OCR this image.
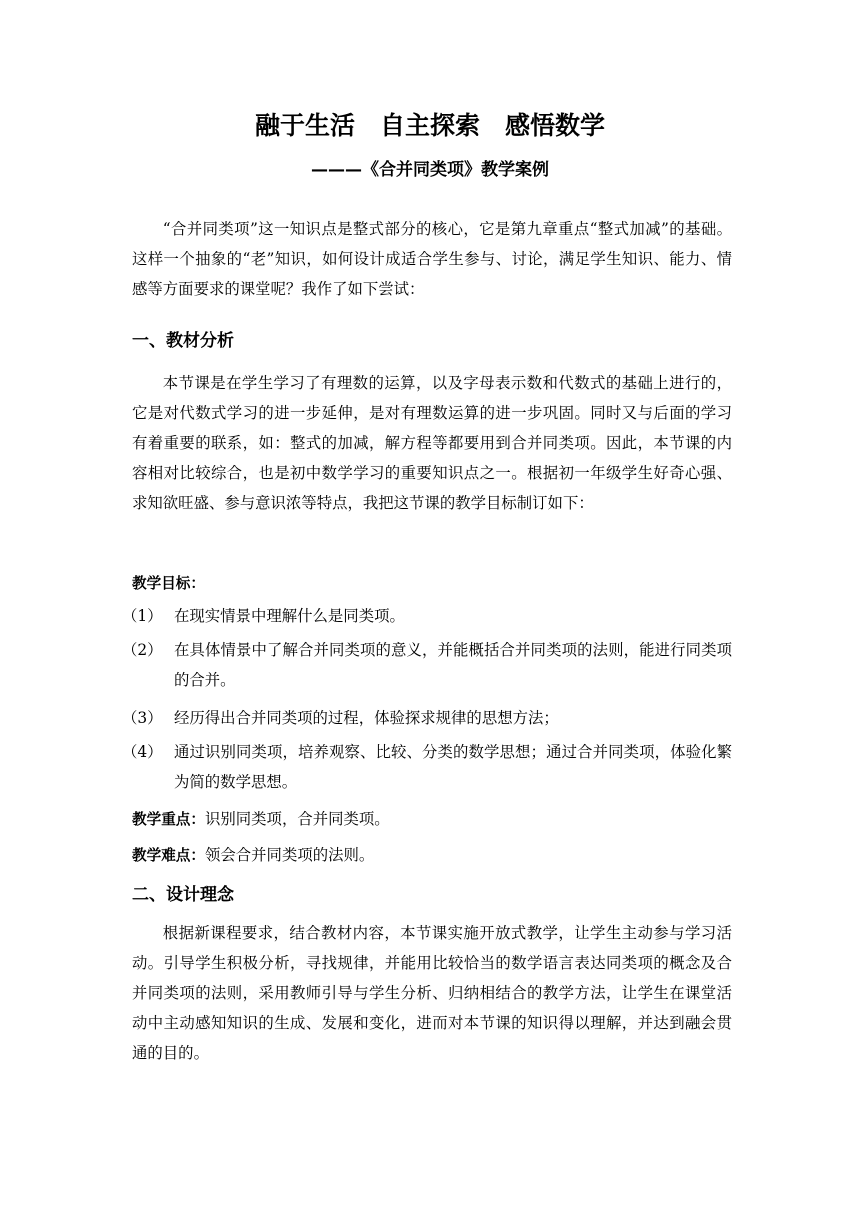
融于生活　自主探索　感悟数学
———《合并同类项》教学案例
“合并同类项”这一知识点是整式部分的核心，它是第九章重点“整式加减”的基础。这样一个抽象的“老”知识，如何设计成适合学生参与、讨论，满足学生知识、能力、情感等方面要求的课堂呢？我作了如下尝试：
一、教材分析
本节课是在学生学习了有理数的运算，以及字母表示数和代数式的基础上进行的，它是对代数式学习的进一步延伸，是对有理数运算的进一步巩固。同时又与后面的学习有着重要的联系，如：整式的加减，解方程等都要用到合并同类项。因此，本节课的内容相对比较综合，也是初中数学学习的重要知识点之一。根据初一年级学生好奇心强、求知欲旺盛、参与意识浓等特点，我把这节课的教学目标制订如下：
教学目标：
（1） 在现实情景中理解什么是同类项。
（2） 在具体情景中了解合并同类项的意义，并能概括合并同类项的法则，能进行同类项的合并。
（3） 经历得出合并同类项的过程，体验探求规律的思想方法；
（4） 通过识别同类项，培养观察、比较、分类的数学思想；通过合并同类项，体验化繁为简的数学思想。
教学重点：识别同类项，合并同类项。
教学难点：领会合并同类项的法则。
二、设计理念
根据新课程要求，结合教材内容，本节课实施开放式教学，让学生主动参与学习活动。引导学生积极分析，寻找规律，并能用比较恰当的数学语言表达同类项的概念及合并同类项的法则，采用教师引导与学生分析、归纳相结合的教学方法，让学生在课堂活动中主动感知知识的生成、发展和变化，进而对本节课的知识得以理解，并达到融会贯通的目的。
